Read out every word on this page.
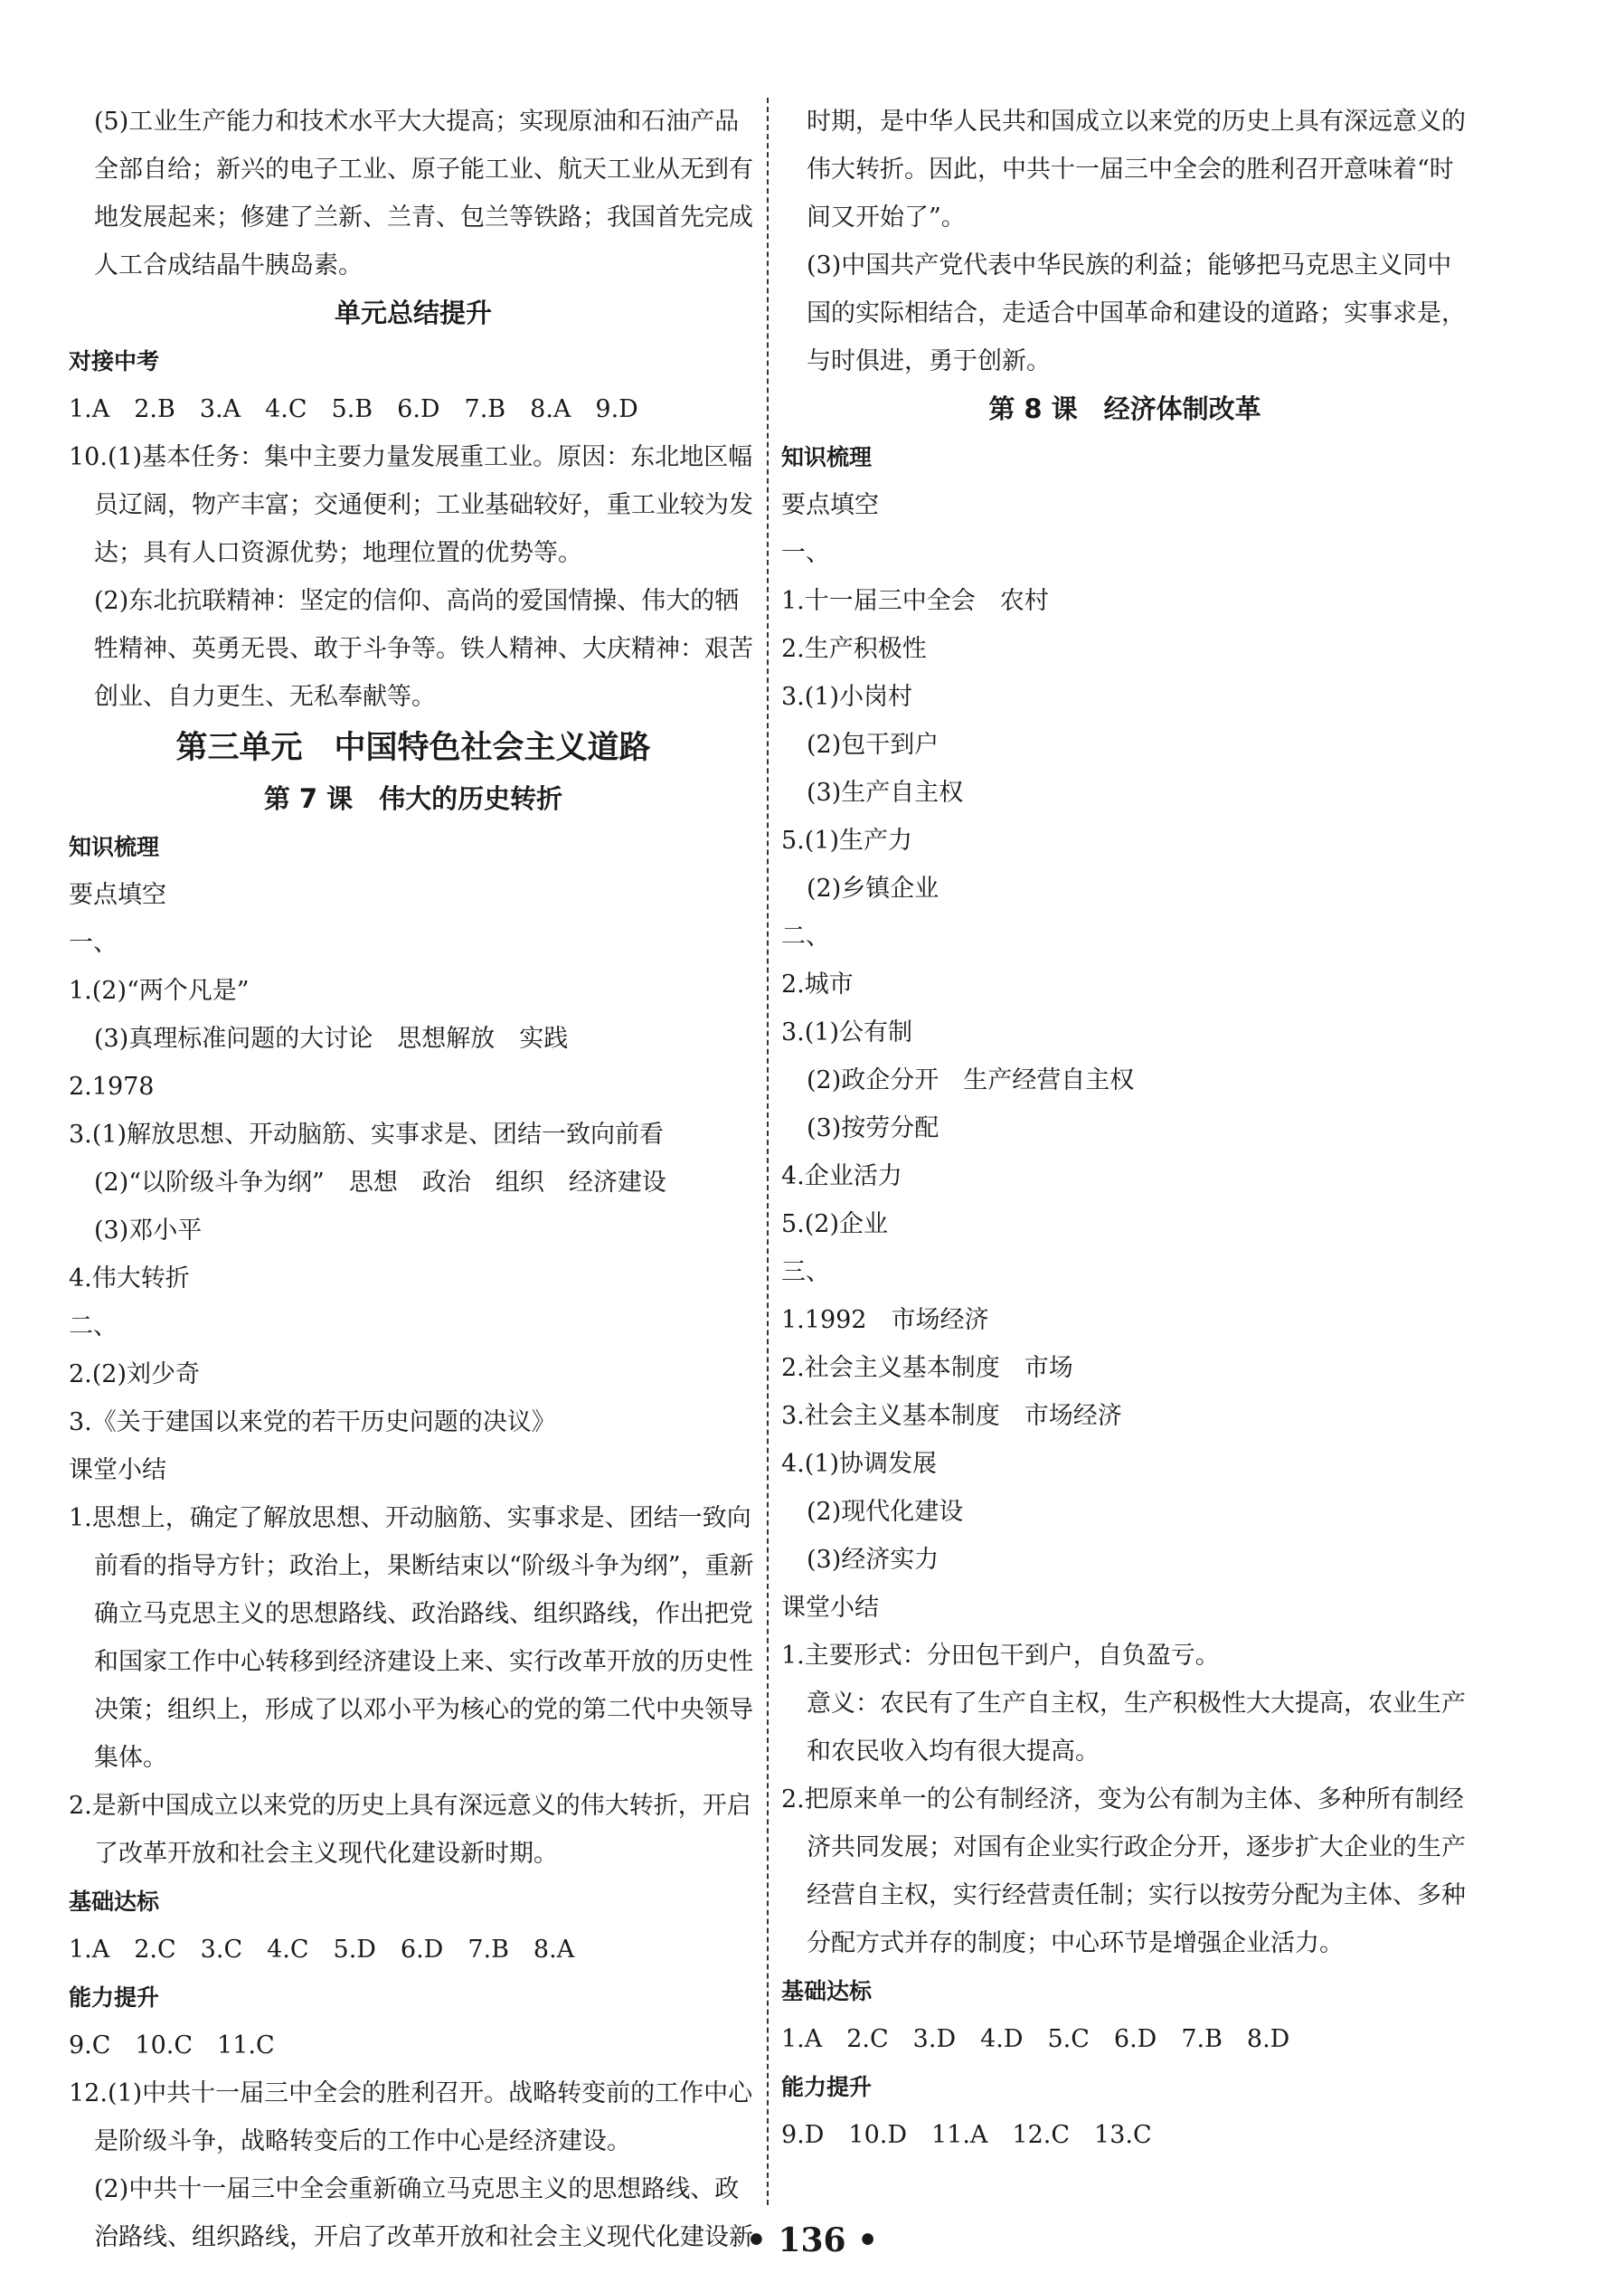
(5)工业生产能力和技术水平大大提高；实现原油和石油产品全部自给；新兴的电子工业、原子能工业、航天工业从无到有地发展起来；修建了兰新、兰青、包兰等铁路；我国首先完成人工合成结晶牛胰岛素。
单元总结提升
对接中考
1.A　2.B　3.A　4.C　5.B　6.D　7.B　8.A　9.D
10.(1)基本任务：集中主要力量发展重工业。原因：东北地区幅员辽阔，物产丰富；交通便利；工业基础较好，重工业较为发达；具有人口资源优势；地理位置的优势等。
(2)东北抗联精神：坚定的信仰、高尚的爱国情操、伟大的牺牲精神、英勇无畏、敢于斗争等。铁人精神、大庆精神：艰苦创业、自力更生、无私奉献等。
第三单元　中国特色社会主义道路
第 7 课　伟大的历史转折
知识梳理
要点填空
一、
1.(2)“两个凡是”
(3)真理标准问题的大讨论　思想解放　实践
2.1978
3.(1)解放思想、开动脑筋、实事求是、团结一致向前看
(2)“以阶级斗争为纲”　思想　政治　组织　经济建设
(3)邓小平
4.伟大转折
二、
2.(2)刘少奇
3.《关于建国以来党的若干历史问题的决议》
课堂小结
1.思想上，确定了解放思想、开动脑筋、实事求是、团结一致向前看的指导方针；政治上，果断结束以“阶级斗争为纲”，重新确立马克思主义的思想路线、政治路线、组织路线，作出把党和国家工作中心转移到经济建设上来、实行改革开放的历史性决策；组织上，形成了以邓小平为核心的党的第二代中央领导集体。
2.是新中国成立以来党的历史上具有深远意义的伟大转折，开启了改革开放和社会主义现代化建设新时期。
基础达标
1.A　2.C　3.C　4.C　5.D　6.D　7.B　8.A
能力提升
9.C　10.C　11.C
12.(1)中共十一届三中全会的胜利召开。战略转变前的工作中心是阶级斗争，战略转变后的工作中心是经济建设。
(2)中共十一届三中全会重新确立马克思主义的思想路线、政治路线、组织路线，开启了改革开放和社会主义现代化建设新
时期，是中华人民共和国成立以来党的历史上具有深远意义的伟大转折。因此，中共十一届三中全会的胜利召开意味着“时间又开始了”。
(3)中国共产党代表中华民族的利益；能够把马克思主义同中国的实际相结合，走适合中国革命和建设的道路；实事求是，与时俱进，勇于创新。
第 8 课　经济体制改革
知识梳理
要点填空
一、
1.十一届三中全会　农村
2.生产积极性
3.(1)小岗村
(2)包干到户
(3)生产自主权
5.(1)生产力
(2)乡镇企业
二、
2.城市
3.(1)公有制
(2)政企分开　生产经营自主权
(3)按劳分配
4.企业活力
5.(2)企业
三、
1.1992　市场经济
2.社会主义基本制度　市场
3.社会主义基本制度　市场经济
4.(1)协调发展
(2)现代化建设
(3)经济实力
课堂小结
1.主要形式：分田包干到户，自负盈亏。
意义：农民有了生产自主权，生产积极性大大提高，农业生产和农民收入均有很大提高。
2.把原来单一的公有制经济，变为公有制为主体、多种所有制经济共同发展；对国有企业实行政企分开，逐步扩大企业的生产经营自主权，实行经营责任制；实行以按劳分配为主体、多种分配方式并存的制度；中心环节是增强企业活力。
基础达标
1.A　2.C　3.D　4.D　5.C　6.D　7.B　8.D
能力提升
9.D　10.D　11.A　12.C　13.C
• 136 •
